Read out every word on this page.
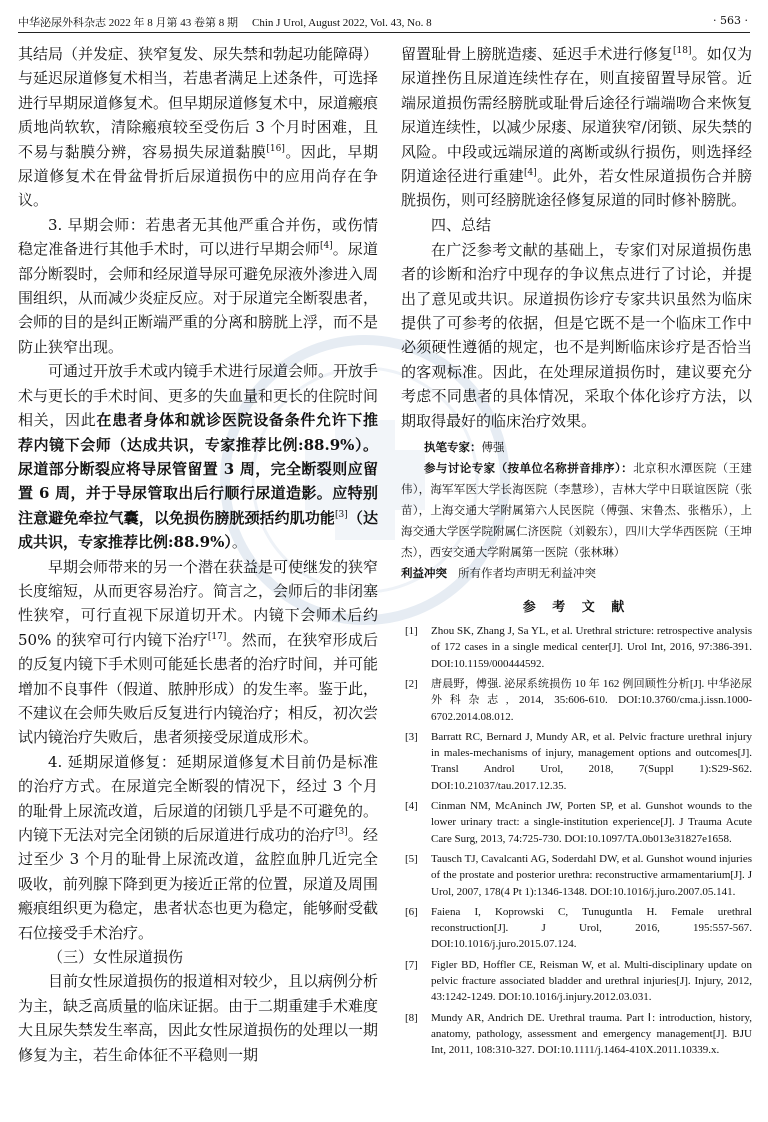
中华泌尿外科杂志 2022 年 8 月第 43 卷第 8 期 Chin J Urol, August 2022, Vol. 43, No. 8	· 563 ·

其结局（并发症、狭窄复发、尿失禁和勃起功能障碍）与延迟尿道修复术相当，若患者满足上述条件，可选择进行早期尿道修复术。但早期尿道修复术中，尿道瘢痕质地尚软软，清除瘢痕较至受伤后 3 个月时困难，且不易与黏膜分辨，容易损失尿道黏膜[16]。因此，早期尿道修复术在骨盆骨折后尿道损伤中的应用尚存在争议。

3. 早期会师：若患者无其他严重合并伤，或伤情稳定准备进行其他手术时，可以进行早期会师[4]。尿道部分断裂时，会师和经尿道导尿可避免尿液外渗进入周围组织，从而减少炎症反应。对于尿道完全断裂患者，会师的目的是纠正断端严重的分离和膀胱上浮，而不是防止狭窄出现。

可通过开放手术或内镜手术进行尿道会师。开放手术与更长的手术时间、更多的失血量和更长的住院时间相关，因此在患者身体和就诊医院设备条件允许下推荐内镜下会师（达成共识，专家推荐比例:88.9%）。尿道部分断裂应将导尿管留置 3 周，完全断裂则应留置 6 周，并于导尿管取出后行顺行尿道造影。应特别注意避免牵拉气囊，以免损伤膀胱颈括约肌功能[3]（达成共识，专家推荐比例:88.9%）。

早期会师带来的另一个潜在获益是可使继发的狭窄长度缩短，从而更容易治疗。简言之，会师后的非闭塞性狭窄，可行直视下尿道切开术。内镜下会师术后约 50% 的狭窄可行内镜下治疗[17]。然而，在狭窄形成后的反复内镜下手术则可能延长患者的治疗时间，并可能增加不良事件（假道、脓肿形成）的发生率。鉴于此，不建议在会师失败后反复进行内镜治疗；相反，初次尝试内镜治疗失败后，患者须接受尿道成形术。

4. 延期尿道修复：延期尿道修复术目前仍是标准的治疗方式。在尿道完全断裂的情况下，经过 3 个月的耻骨上尿流改道，后尿道的闭锁几乎是不可避免的。内镜下无法对完全闭锁的后尿道进行成功的治疗[3]。经过至少 3 个月的耻骨上尿流改道，盆腔血肿几近完全吸收，前列腺下降到更为接近正常的位置，尿道及周围瘢痕组织更为稳定，患者状态也更为稳定，能够耐受截石位接受手术治疗。

（三）女性尿道损伤

目前女性尿道损伤的报道相对较少，且以病例分析为主，缺乏高质量的临床证据。由于二期重建手术难度大且尿失禁发生率高，因此女性尿道损伤的处理以一期修复为主，若生命体征不平稳则一期

留置耻骨上膀胱造瘘、延迟手术进行修复[18]。如仅为尿道挫伤且尿道连续性存在，则直接留置导尿管。近端尿道损伤需经膀胱或耻骨后途径行端端吻合来恢复尿道连续性，以减少尿瘘、尿道狭窄/闭锁、尿失禁的风险。中段或远端尿道的离断或纵行损伤，则选择经阴道途径进行重建[4]。此外，若女性尿道损伤合并膀胱损伤，则可经膀胱途径修复尿道的同时修补膀胱。

四、总结

在广泛参考文献的基础上，专家们对尿道损伤患者的诊断和治疗中现存的争议焦点进行了讨论，并提出了意见或共识。尿道损伤诊疗专家共识虽然为临床提供了可参考的依据，但是它既不是一个临床工作中必须硬性遵循的规定，也不是判断临床诊疗是否恰当的客观标准。因此，在处理尿道损伤时，建议要充分考虑不同患者的具体情况，采取个体化诊疗方法，以期取得最好的临床治疗效果。

执笔专家：傅强

参与讨论专家（按单位名称拼音排序）：北京积水潭医院（王建伟），海军军医大学长海医院（李慧珍），吉林大学中日联谊医院（张苗），上海交通大学附属第六人民医院（傅强、宋鲁杰、张楷乐），上海交通大学医学院附属仁济医院（刘毅东），四川大学华西医院（王坤杰），西安交通大学附属第一医院（张林琳）

利益冲突 所有作者均声明无利益冲突

参 考 文 献
[1] Zhou SK, Zhang J, Sa YL, et al. Urethral stricture: retrospective analysis of 172 cases in a single medical center[J]. Urol Int, 2016, 97:386-391. DOI:10.1159/000444592.
[2] 唐晨野，傅强. 泌尿系统损伤 10 年 162 例回顾性分析[J]. 中华泌尿外科杂志, 2014, 35:606-610. DOI:10.3760/cma.j.issn.1000-6702.2014.08.012.
[3] Barratt RC, Bernard J, Mundy AR, et al. Pelvic fracture urethral injury in males-mechanisms of injury, management options and outcomes[J]. Transl Androl Urol, 2018, 7(Suppl 1):S29-S62. DOI:10.21037/tau.2017.12.35.
[4] Cinman NM, McAninch JW, Porten SP, et al. Gunshot wounds to the lower urinary tract: a single-institution experience[J]. J Trauma Acute Care Surg, 2013, 74:725-730. DOI:10.1097/TA.0b013e31827e1658.
[5] Tausch TJ, Cavalcanti AG, Soderdahl DW, et al. Gunshot wound injuries of the prostate and posterior urethra: reconstructive armamentarium[J]. J Urol, 2007, 178(4 Pt 1):1346-1348. DOI:10.1016/j.juro.2007.05.141.
[6] Faiena I, Koprowski C, Tunuguntla H. Female urethral reconstruction[J]. J Urol, 2016, 195:557-567. DOI:10.1016/j.juro.2015.07.124.
[7] Figler BD, Hoffler CE, Reisman W, et al. Multi-disciplinary update on pelvic fracture associated bladder and urethral injuries[J]. Injury, 2012, 43:1242-1249. DOI:10.1016/j.injury.2012.03.031.
[8] Mundy AR, Andrich DE. Urethral trauma. Part Ⅰ: introduction, history, anatomy, pathology, assessment and emergency management[J]. BJU Int, 2011, 108:310-327. DOI:10.1111/j.1464-410X.2011.10339.x.
